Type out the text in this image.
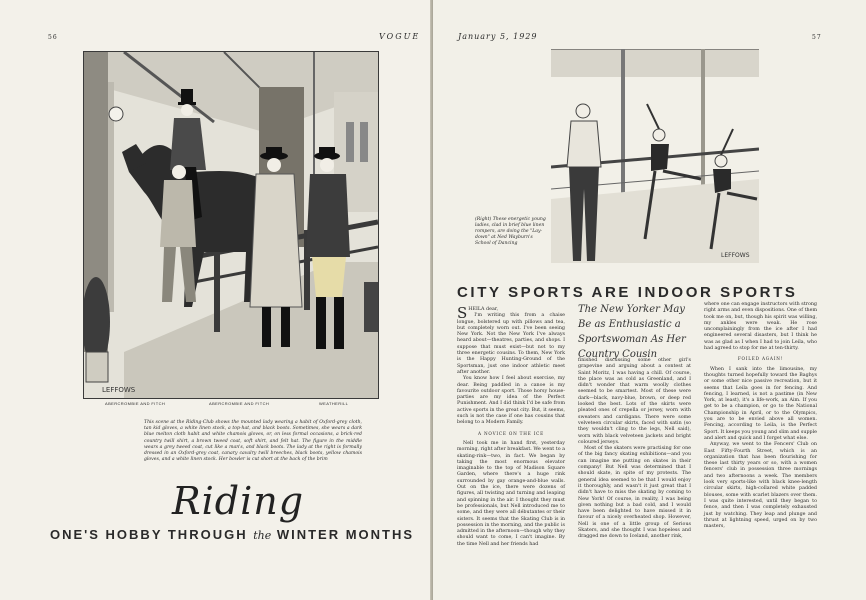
56
LEFFOWS
ABERCROMBIE AND FITCH	ABERCROMBIE AND FITCH	WEATHERILL
This scene at the Riding-Club shows the mounted lady wearing a habit of Oxford-grey cloth, tan kid gloves, a white linen stock, a top-hat, and black boots. Sometimes, she wears a dark blue melton cloth habit and white chamois gloves, or, on less formal occasions, a brick-red country twill shirt, a brown tweed coat, soft shirt, and felt hat. The figure in the middle wears a grey tweed coat, cut like a man's, and black boots. The lady at the right is formally dressed in an Oxford-grey coat, canary cavalry twill breeches, black boots, yellow chamois gloves, and a white linen stock. Her bowler is cut short at the back of the brim
Riding
ONE'S HOBBY THROUGH the WINTER MONTHS
VOGUE	January 5, 1929	57
LEFFOWS
(Right) These energetic young ladies, clad in brief blue linen rompers, are doing the "Lay-down" at Ned Wayburn's School of Dancing
CITY SPORTS ARE INDOOR SPORTS

SHEILA dear,

I'm writing this from a chaise longue, bolstered up with pillows and tea, but completely worn out. I've been seeing New York. Not the New York I've always heard about—theatres, parties, and shops. I suppose that must exist—but not to my three energetic cousins. To them, New York is the Happy Hunting-Ground of the Sportsman, just one indoor athletic meet after another.

You know how I feel about exercise, my dear. Being paddled in a canoe is my favourite outdoor sport. Those horsy house-parties are my idea of the Perfect Punishment. And I did think I'd be safe from active sports in the great city. But, it seems, such is not the case if one has cousins that belong to a Modern Family.

A NOVICE ON THE ICE

Nell took me in hand first, yesterday morning, right after breakfast. We went to a skating-rink—two, in fact. We began by taking the most enormous elevator imaginable to the top of Madison Square Garden, where there's a huge rink surrounded by gay orange-and-blue walls. Out on the ice, there were dozens of figures, all twisting and turning and leaping and spinning in the air. I thought they must be professionals, but Nell introduced me to some, and they were all débutantes or their sisters. It seems that the Skating Club is in possession in the morning, and the public is admitted in the afternoon—though why they should want to come, I can't imagine. By the time Nell and her friends had

The New Yorker May Be as Enthusiastic a Sportswoman As Her Country Cousin

finished discussing some other girl's grapevine and arguing about a contest at Saint Moritz, I was having a chill. Of course, the place was as cold as Greenland, and I didn't wonder that warm woolly clothes seemed to be smartest. Most of these were dark—black, navy-blue, brown, or deep red looked the best. Lots of the skirts were pleated ones of crepella or jersey, worn with sweaters and cardigans. There were some velveteen circular skirts, faced with satin (so they wouldn't cling to the legs, Nell said), worn with black velveteen jackets and bright coloured jerseys.

Most of the skaters were practising for one of the big fancy skating exhibitions—and you can imagine me putting on skates in their company! But Nell was determined that I should skate, in spite of my protests. The general idea seemed to be that I would enjoy it thoroughly, and wasn't it just great that I didn't have to miss the skating by coming to New York! Of course, in reality, I was being given nothing but a bad cold, and I would have been delighted to have missed it in favour of a nicely overheated shop. However, Nell is one of a little group of Serious Skaters, and she thought I was hopeless and dragged me down to Iceland, another rink,

where one can engage instructors with strong right arms and even dispositions. One of them took me on, but, though his spirit was willing, my ankles were weak. He rose uncomplainingly from the ice after I had engineered several disasters, but I think he was as glad as I when I had to join Leila, who had agreed to stop for me at ten-thirty.

FOILED AGAIN!

When I sank into the limousine, my thoughts turned hopefully toward the Baghys or some other nice passive recreation, but it seems that Leila goes in for fencing. And fencing, I learned, is not a pastime (in New York, at least), it's a life-work, an Aim. If you get to be a champion, or go to the National Championship in April, or to the Olympics, you are to be envied above all women. Fencing, according to Leila, is the Perfect Sport. It keeps you young and slim and supple and alert and quick and I forget what else.

Anyway, we went to the Fencers' Club on East Fifty-Fourth Street, which is an organization that has been flourishing for these last thirty years or so, with a women fencers' club in possession three mornings and two afternoons a week. The members look very sports-like with black knee-length circular skirts, high-collared white padded blouses, some with scarlet blazers over them. I was quite interested, until they began to fence, and then I was completely exhausted just by watching. They leap and plunge and thrust at lightning speed, urged on by two masters,
